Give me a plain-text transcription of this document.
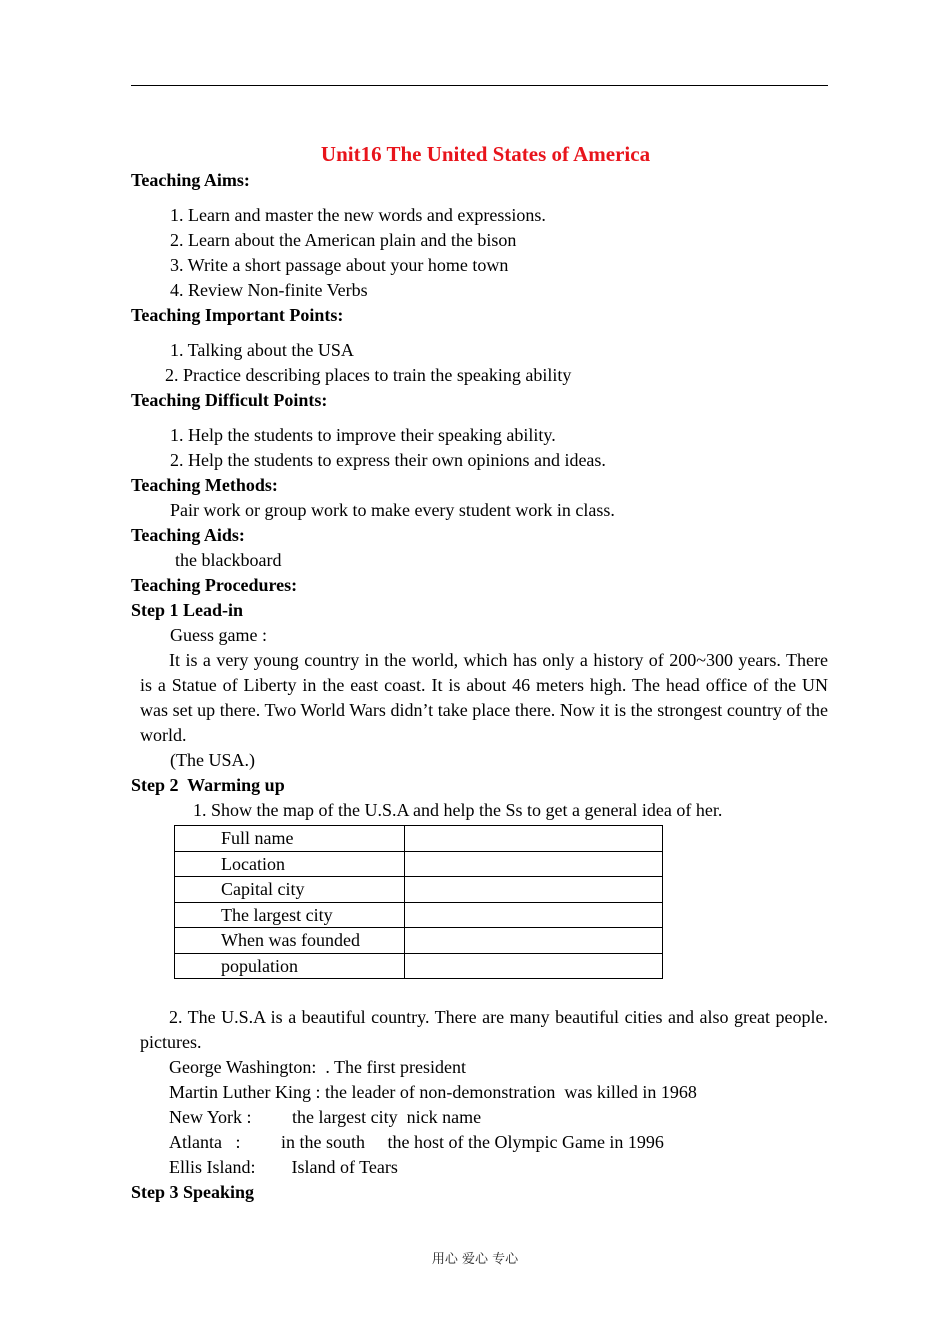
Unit16 The United States of America
Teaching Aims:
1. Learn and master the new words and expressions.
2. Learn about the American plain and the bison
3. Write a short passage about your home town
4. Review Non-finite Verbs
Teaching Important Points:
1. Talking about the USA
2. Practice describing places to train the speaking ability
Teaching Difficult Points:
1. Help the students to improve their speaking ability.
2. Help the students to express their own opinions and ideas.
Teaching Methods:
Pair work or group work to make every student work in class.
Teaching Aids:
the blackboard
Teaching Procedures:
Step 1 Lead-in
Guess game :
It is a very young country in the world, which has only a history of 200~300 years. There is a Statue of Liberty in the east coast. It is about 46 meters high. The head office of the UN was set up there. Two World Wars didn’t take place there. Now it is the strongest country of the world.
(The USA.)
Step 2  Warming up
1. Show the map of the U.S.A and help the Ss to get a general idea of her.
Full name	
Location	
Capital city	
The largest city	
When was founded	
population	
2. The U.S.A is a beautiful country. There are many beautiful cities and also great people. pictures.
George Washington:  . The first president
Martin Luther King : the leader of non-demonstration  was killed in 1968
New York :         the largest city  nick name
Atlanta   :         in the south     the host of the Olympic Game in 1996
Ellis Island:        Island of Tears
Step 3 Speaking
用心 爱心 专心
